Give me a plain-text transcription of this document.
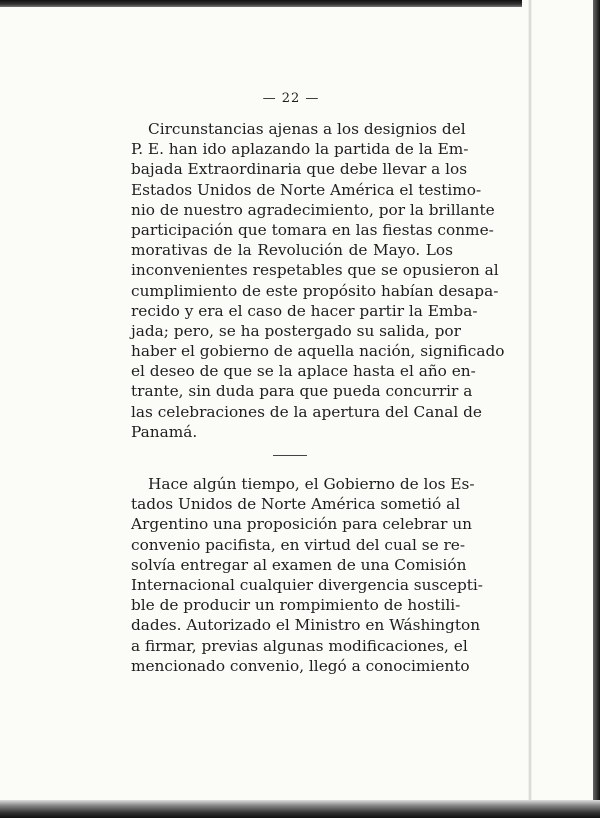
— 22 —
Circunstancias ajenas a los designios del
P. E. han ido aplazando la partida de la Em-
bajada Extraordinaria que debe llevar a los
Estados Unidos de Norte América el testimo-
nio de nuestro agradecimiento, por la brillante
participación que tomara en las fiestas conme-
morativas de la Revolución de Mayo. Los
inconvenientes respetables que se opusieron al
cumplimiento de este propósito habían desapa-
recido y era el caso de hacer partir la Emba-
jada; pero, se ha postergado su salida, por
haber el gobierno de aquella nación, significado
el deseo de que se la aplace hasta el año en-
trante, sin duda para que pueda concurrir a
las celebraciones de la apertura del Canal de
Panamá.
Hace algún tiempo, el Gobierno de los Es-
tados Unidos de Norte América sometió al
Argentino una proposición para celebrar un
convenio pacifista, en virtud del cual se re-
solvía entregar al examen de una Comisión
Internacional cualquier divergencia suscepti-
ble de producir un rompimiento de hostili-
dades. Autorizado el Ministro en Wáshington
a firmar, previas algunas modificaciones, el
mencionado convenio, llegó a conocimiento
